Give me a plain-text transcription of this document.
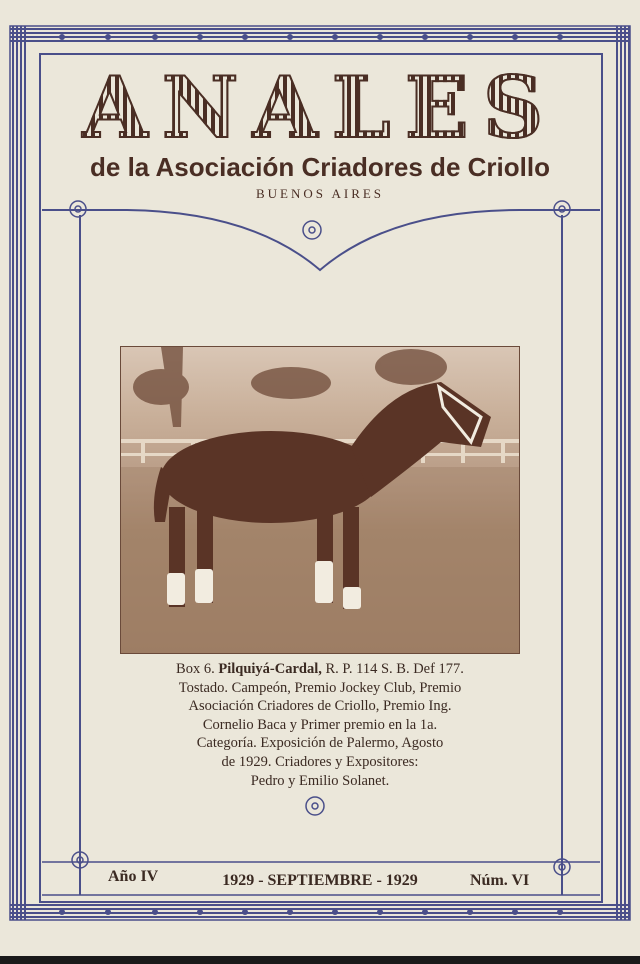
ANALES
de la Asociación Criadores de Criollo
BUENOS AIRES
Box 6. Pilquiyá-Cardal, R. P. 114 S. B. Def 177.
Tostado. Campeón, Premio Jockey Club, Premio
Asociación Criadores de Criollo, Premio Ing.
Cornelio Baca y Primer premio en la 1a.
Categoría. Exposición de Palermo, Agosto
de 1929. Criadores y Expositores:
Pedro y Emilio Solanet.
Año IV	1929 - SEPTIEMBRE - 1929	Núm. VI
